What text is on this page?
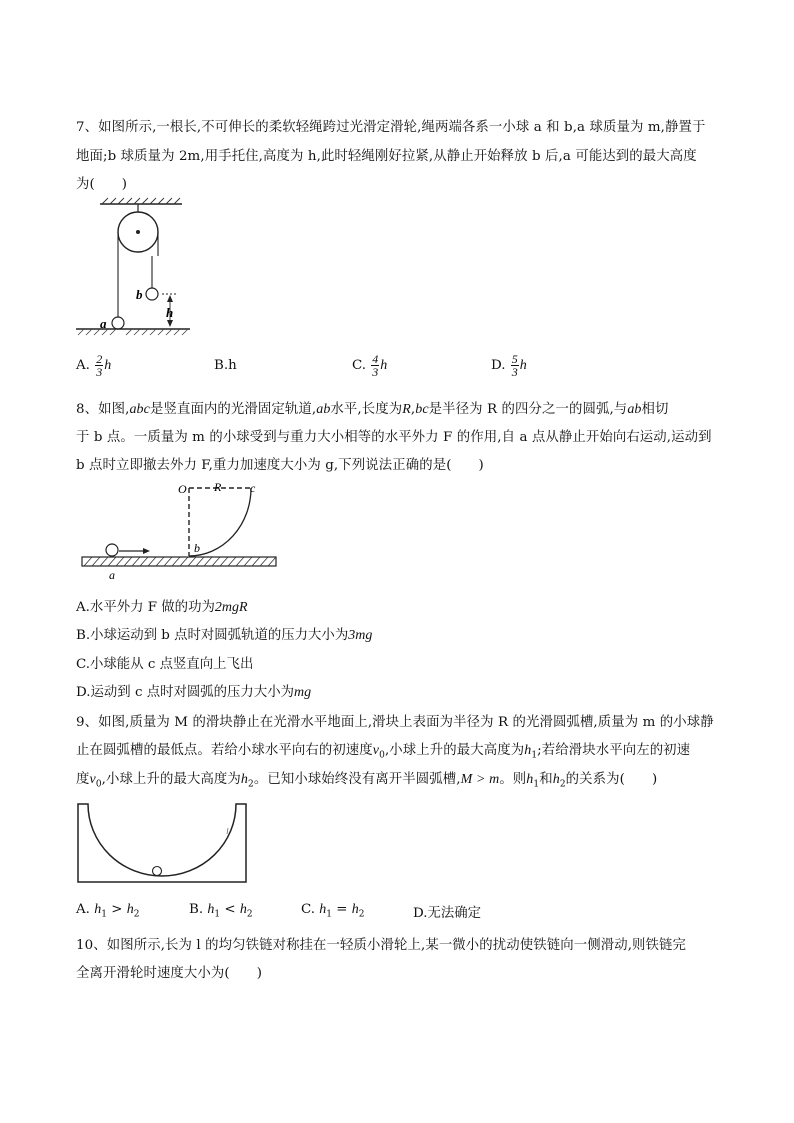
7、如图所示,一根长,不可伸长的柔软轻绳跨过光滑定滑轮,绳两端各系一小球 a 和 b,a 球质量为 m,静置于
地面;b 球质量为 2m,用手托住,高度为 h,此时轻绳刚好拉紧,从静止开始释放 b 后,a 可能达到的最大高度
为(　　)
b
h
a
A. $\frac{2}{3}$ h	B.h	C. $\frac{4}{3}$ h	D. $\frac{5}{3}$ h
8、如图,abc是竖直面内的光滑固定轨道,ab水平,长度为R,bc是半径为 R 的四分之一的圆弧,与ab相切
于 b 点。一质量为 m 的小球受到与重力大小相等的水平外力 F 的作用,自 a 点从静止开始向右运动,运动到
b 点时立即撤去外力 F,重力加速度大小为 g,下列说法正确的是(　　)
O R c
b
a
A.水平外力 F 做的功为2mgR
B.小球运动到 b 点时对圆弧轨道的压力大小为3mg
C.小球能从 c 点竖直向上飞出
D.运动到 c 点时对圆弧的压力大小为mg
9、如图,质量为 M 的滑块静止在光滑水平地面上,滑块上表面为半径为 R 的光滑圆弧槽,质量为 m 的小球静
止在圆弧槽的最低点。若给小球水平向右的初速度$v_0$,小球上升的最大高度为$h_1$;若给滑块水平向左的初速
度$v_0$,小球上升的最大高度为$h_2$。已知小球始终没有离开半圆弧槽,M > m。则$h_1$和$h_2$的关系为(　　)
A. $h_1 > h_2$	B. $h_1 < h_2$	C. $h_1 = h_2$	D.无法确定
10、如图所示,长为 l 的均匀铁链对称挂在一轻质小滑轮上,某一微小的扰动使铁链向一侧滑动,则铁链完
全离开滑轮时速度大小为(　　)
